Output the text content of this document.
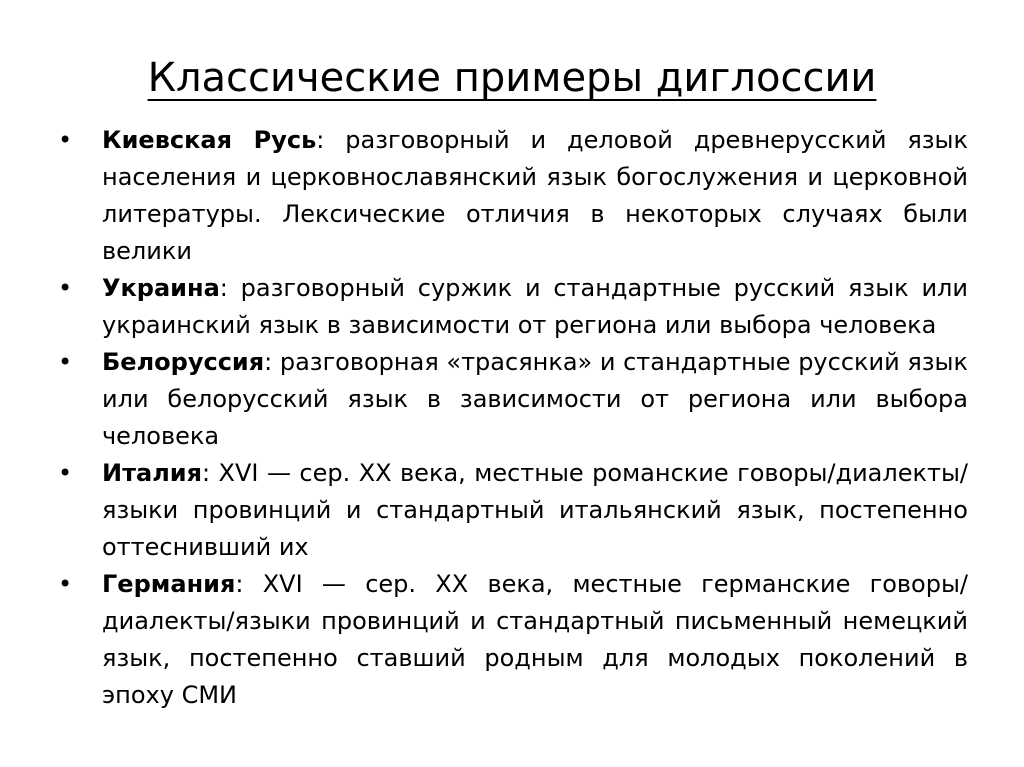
Классические примеры диглоссии
• Киевская Русь: разговорный и деловой древнерусский язык населения и церковнославянский язык богослужения и церковной литературы. Лексические отличия в некоторых случаях были велики
• Украина: разговорный суржик и стандартные русский язык или украинский язык в зависимости от региона или выбора человека
• Белоруссия: разговорная «трасянка» и стандартные русский язык или белорусский язык в зависимости от региона или выбора человека
• Италия: XVI — сер. XX века, местные романские говоры/диалекты/языки провинций и стандартный итальянский язык, постепенно оттеснивший их
• Германия: XVI — сер. XX века, местные германские говоры/диалекты/языки провинций и стандартный письменный немецкий язык, постепенно ставший родным для молодых поколений в эпоху СМИ
